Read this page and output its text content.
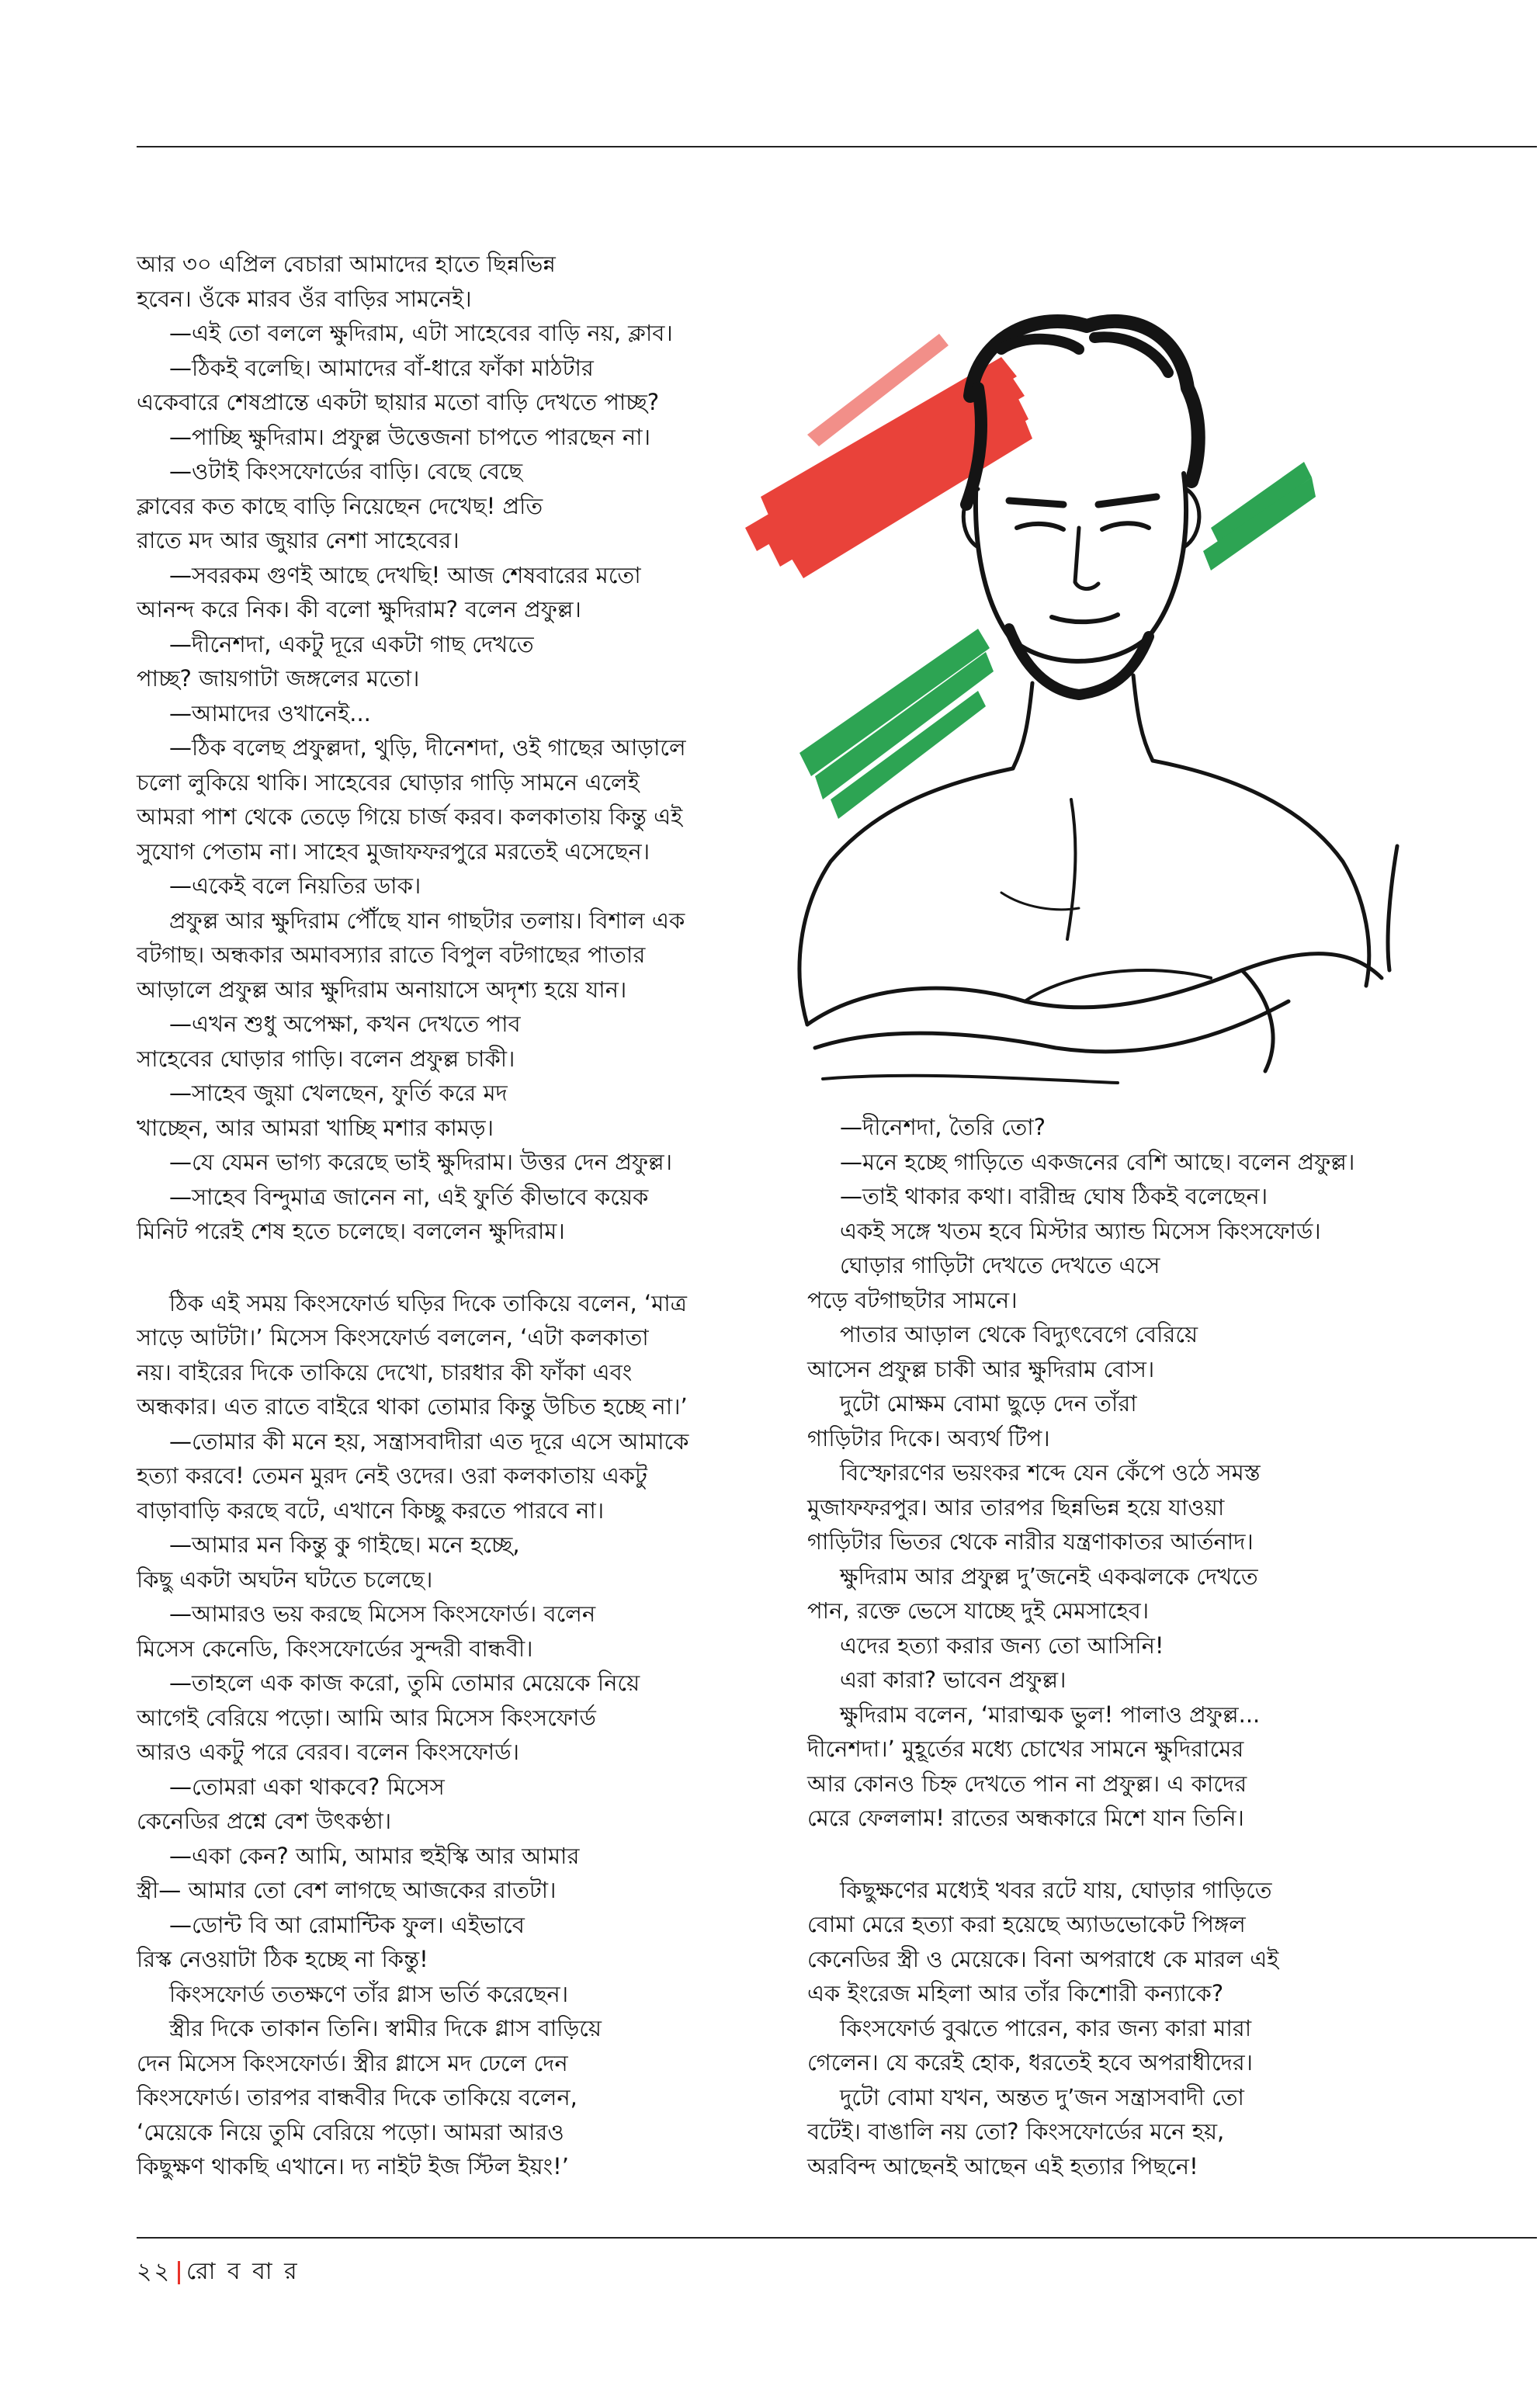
আর ৩০ এপ্রিল বেচারা আমাদের হাতে ছিন্নভিন্ন

হবেন। ওঁকে মারব ওঁর বাড়ির সামনেই।

—এই তো বললে ক্ষুদিরাম, এটা সাহেবের বাড়ি নয়, ক্লাব।

—ঠিকই বলেছি। আমাদের বাঁ-ধারে ফাঁকা মাঠটার

একেবারে শেষপ্রান্তে একটা ছায়ার মতো বাড়ি দেখতে পাচ্ছ?

—পাচ্ছি ক্ষুদিরাম। প্রফুল্ল উত্তেজনা চাপতে পারছেন না।

—ওটাই কিংসফোর্ডের বাড়ি। বেছে বেছে

ক্লাবের কত কাছে বাড়ি নিয়েছেন দেখেছ! প্রতি

রাতে মদ আর জুয়ার নেশা সাহেবের।

—সবরকম গুণই আছে দেখছি! আজ শেষবারের মতো

আনন্দ করে নিক। কী বলো ক্ষুদিরাম? বলেন প্রফুল্ল।

—দীনেশদা, একটু দূরে একটা গাছ দেখতে

পাচ্ছ? জায়গাটা জঙ্গলের মতো।

—আমাদের ওখানেই...

—ঠিক বলেছ প্রফুল্লদা, থুড়ি, দীনেশদা, ওই গাছের আড়ালে

চলো লুকিয়ে থাকি। সাহেবের ঘোড়ার গাড়ি সামনে এলেই

আমরা পাশ থেকে তেড়ে গিয়ে চার্জ করব। কলকাতায় কিন্তু এই

সুযোগ পেতাম না। সাহেব মুজাফফরপুরে মরতেই এসেছেন।

—একেই বলে নিয়তির ডাক।

প্রফুল্ল আর ক্ষুদিরাম পৌঁছে যান গাছটার তলায়। বিশাল এক

বটগাছ। অন্ধকার অমাবস্যার রাতে বিপুল বটগাছের পাতার

আড়ালে প্রফুল্ল আর ক্ষুদিরাম অনায়াসে অদৃশ্য হয়ে যান।

—এখন শুধু অপেক্ষা, কখন দেখতে পাব

সাহেবের ঘোড়ার গাড়ি। বলেন প্রফুল্ল চাকী।

—সাহেব জুয়া খেলছেন, ফুর্তি করে মদ

খাচ্ছেন, আর আমরা খাচ্ছি মশার কামড়।

—যে যেমন ভাগ্য করেছে ভাই ক্ষুদিরাম। উত্তর দেন প্রফুল্ল।

—সাহেব বিন্দুমাত্র জানেন না, এই ফুর্তি কীভাবে কয়েক

মিনিট পরেই শেষ হতে চলেছে। বললেন ক্ষুদিরাম।

ঠিক এই সময় কিংসফোর্ড ঘড়ির দিকে তাকিয়ে বলেন, ‘মাত্র

সাড়ে আটটা।’ মিসেস কিংসফোর্ড বললেন, ‘এটা কলকাতা

নয়। বাইরের দিকে তাকিয়ে দেখো, চারধার কী ফাঁকা এবং

অন্ধকার। এত রাতে বাইরে থাকা তোমার কিন্তু উচিত হচ্ছে না।’

—তোমার কী মনে হয়, সন্ত্রাসবাদীরা এত দূরে এসে আমাকে

হত্যা করবে! তেমন মুরদ নেই ওদের। ওরা কলকাতায় একটু

বাড়াবাড়ি করছে বটে, এখানে কিচ্ছু করতে পারবে না।

—আমার মন কিন্তু কু গাইছে। মনে হচ্ছে,

কিছু একটা অঘটন ঘটতে চলেছে।

—আমারও ভয় করছে মিসেস কিংসফোর্ড। বলেন

মিসেস কেনেডি, কিংসফোর্ডের সুন্দরী বান্ধবী।

—তাহলে এক কাজ করো, তুমি তোমার মেয়েকে নিয়ে

আগেই বেরিয়ে পড়ো। আমি আর মিসেস কিংসফোর্ড

আরও একটু পরে বেরব। বলেন কিংসফোর্ড।

—তোমরা একা থাকবে? মিসেস

কেনেডির প্রশ্নে বেশ উৎকণ্ঠা।

—একা কেন? আমি, আমার হুইস্কি আর আমার

স্ত্রী— আমার তো বেশ লাগছে আজকের রাতটা।

—ডোন্ট বি আ রোমান্টিক ফুল। এইভাবে

রিস্ক নেওয়াটা ঠিক হচ্ছে না কিন্তু!

কিংসফোর্ড ততক্ষণে তাঁর গ্লাস ভর্তি করেছেন।

স্ত্রীর দিকে তাকান তিনি। স্বামীর দিকে গ্লাস বাড়িয়ে

দেন মিসেস কিংসফোর্ড। স্ত্রীর গ্লাসে মদ ঢেলে দেন

কিংসফোর্ড। তারপর বান্ধবীর দিকে তাকিয়ে বলেন,

‘মেয়েকে নিয়ে তুমি বেরিয়ে পড়ো। আমরা আরও

কিছুক্ষণ থাকছি এখানে। দ্য নাইট ইজ স্টিল ইয়ং!’

—দীনেশদা, তৈরি তো?

—মনে হচ্ছে গাড়িতে একজনের বেশি আছে। বলেন প্রফুল্ল।

—তাই থাকার কথা। বারীন্দ্র ঘোষ ঠিকই বলেছেন।

একই সঙ্গে খতম হবে মিস্টার অ্যান্ড মিসেস কিংসফোর্ড।

ঘোড়ার গাড়িটা দেখতে দেখতে এসে

পড়ে বটগাছটার সামনে।

পাতার আড়াল থেকে বিদ্যুৎবেগে বেরিয়ে

আসেন প্রফুল্ল চাকী আর ক্ষুদিরাম বোস।

দুটো মোক্ষম বোমা ছুড়ে দেন তাঁরা

গাড়িটার দিকে। অব্যর্থ টিপ।

বিস্ফোরণের ভয়ংকর শব্দে যেন কেঁপে ওঠে সমস্ত

মুজাফফরপুর। আর তারপর ছিন্নভিন্ন হয়ে যাওয়া

গাড়িটার ভিতর থেকে নারীর যন্ত্রণাকাতর আর্তনাদ।

ক্ষুদিরাম আর প্রফুল্ল দু’জনেই একঝলকে দেখতে

পান, রক্তে ভেসে যাচ্ছে দুই মেমসাহেব।

এদের হত্যা করার জন্য তো আসিনি!

এরা কারা? ভাবেন প্রফুল্ল।

ক্ষুদিরাম বলেন, ‘মারাত্মক ভুল! পালাও প্রফুল্ল...

দীনেশদা।’ মুহূর্তের মধ্যে চোখের সামনে ক্ষুদিরামের

আর কোনও চিহ্ন দেখতে পান না প্রফুল্ল। এ কাদের

মেরে ফেললাম! রাতের অন্ধকারে মিশে যান তিনি।

কিছুক্ষণের মধ্যেই খবর রটে যায়, ঘোড়ার গাড়িতে

বোমা মেরে হত্যা করা হয়েছে অ্যাডভোকেট পিঙ্গল

কেনেডির স্ত্রী ও মেয়েকে। বিনা অপরাধে কে মারল এই

এক ইংরেজ মহিলা আর তাঁর কিশোরী কন্যাকে?

কিংসফোর্ড বুঝতে পারেন, কার জন্য কারা মারা

গেলেন। যে করেই হোক, ধরতেই হবে অপরাধীদের।

দুটো বোমা যখন, অন্তত দু’জন সন্ত্রাসবাদী তো

বটেই। বাঙালি নয় তো? কিংসফোর্ডের মনে হয়,

অরবিন্দ আছেনই আছেন এই হত্যার পিছনে!

২২ রো ব বা র
